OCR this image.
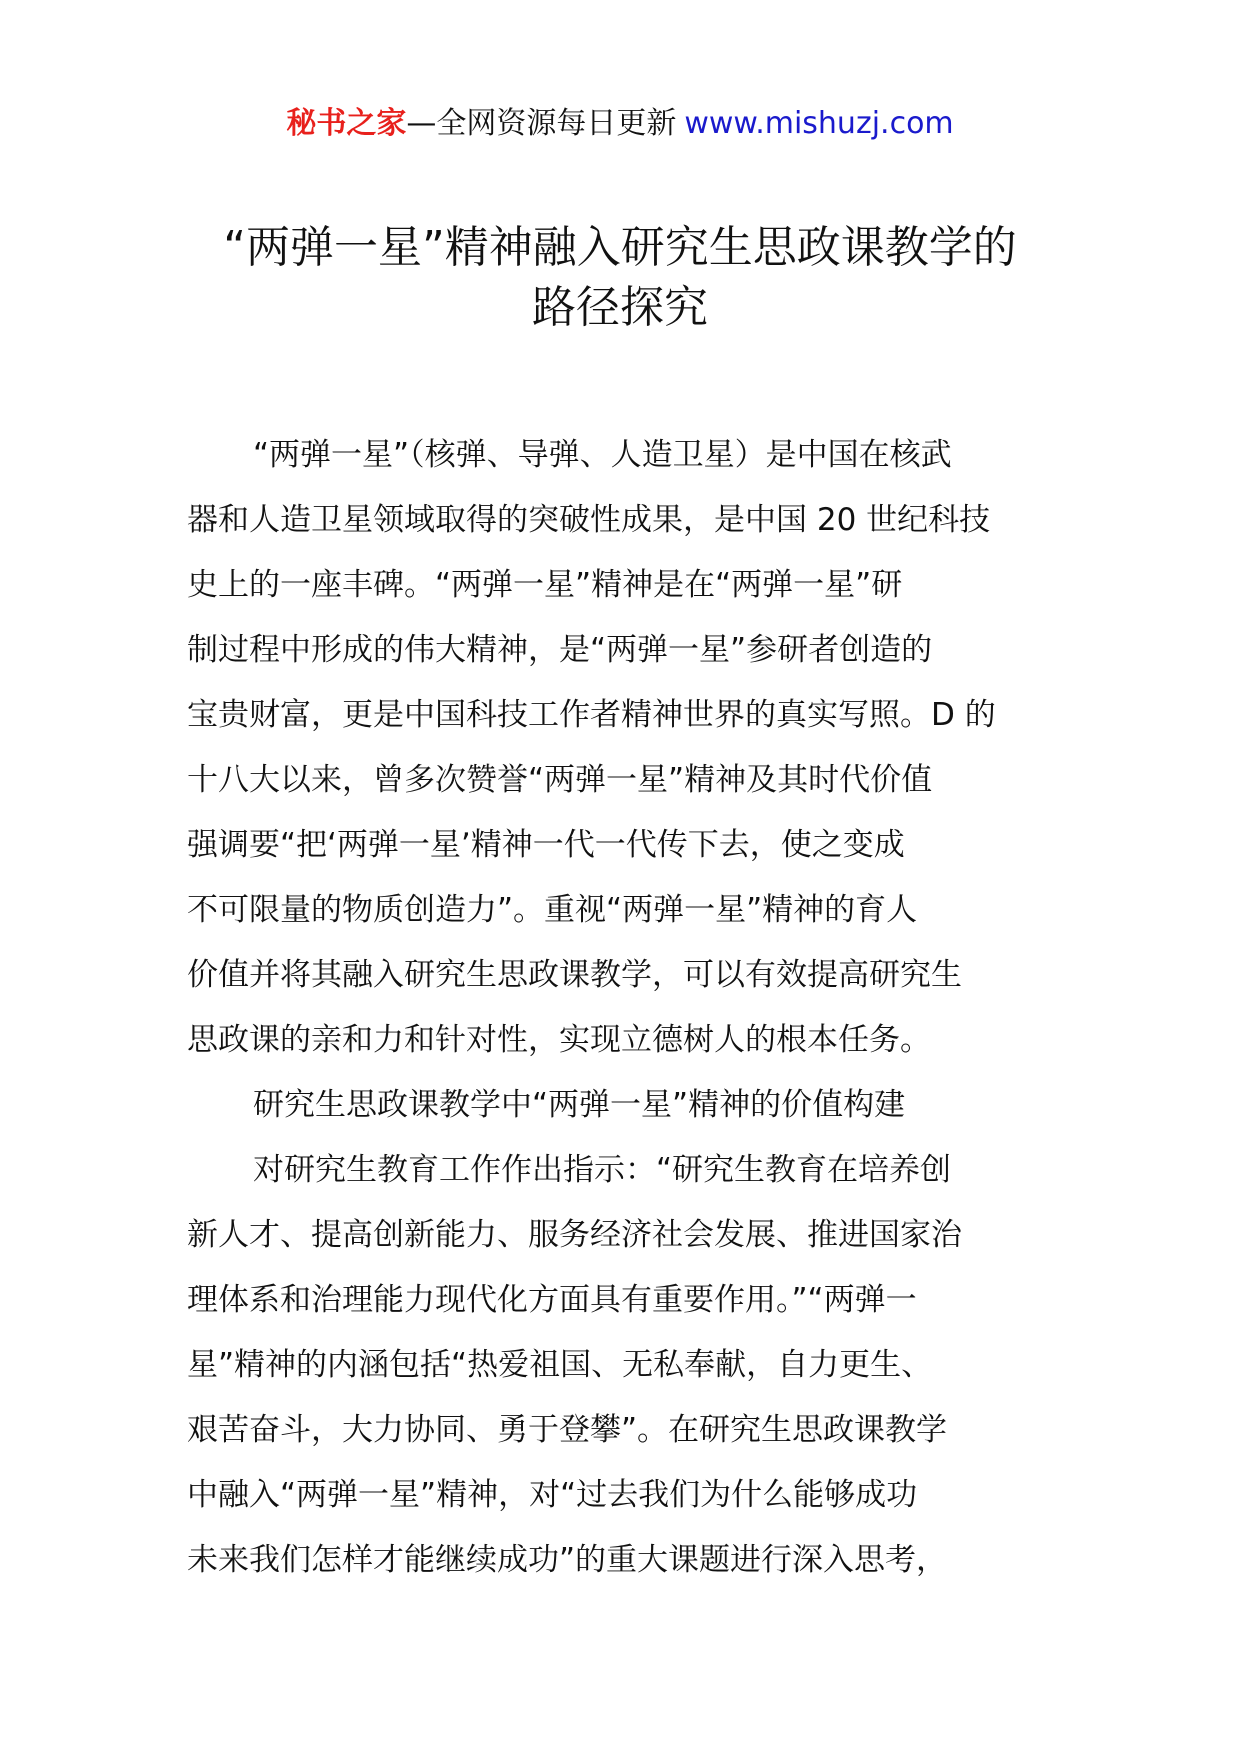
秘书之家—全网资源每日更新 www.mishuzj.com
“两弹一星”精神融入研究生思政课教学的
路径探究
“两弹一星”（核弹、导弹、人造卫星）是中国在核武
器和人造卫星领域取得的突破性成果，是中国 20 世纪科技
史上的一座丰碑。“两弹一星”精神是在“两弹一星”研
制过程中形成的伟大精神，是“两弹一星”参研者创造的
宝贵财富，更是中国科技工作者精神世界的真实写照。D 的
十八大以来，曾多次赞誉“两弹一星”精神及其时代价值
强调要“把‘两弹一星’精神一代一代传下去，使之变成
不可限量的物质创造力”。重视“两弹一星”精神的育人
价值并将其融入研究生思政课教学，可以有效提高研究生
思政课的亲和力和针对性，实现立德树人的根本任务。
研究生思政课教学中“两弹一星”精神的价值构建
对研究生教育工作作出指示：“研究生教育在培养创
新人才、提高创新能力、服务经济社会发展、推进国家治
理体系和治理能力现代化方面具有重要作用。”“两弹一
星”精神的内涵包括“热爱祖国、无私奉献，自力更生、
艰苦奋斗，大力协同、勇于登攀”。在研究生思政课教学
中融入“两弹一星”精神，对“过去我们为什么能够成功
未来我们怎样才能继续成功”的重大课题进行深入思考，
